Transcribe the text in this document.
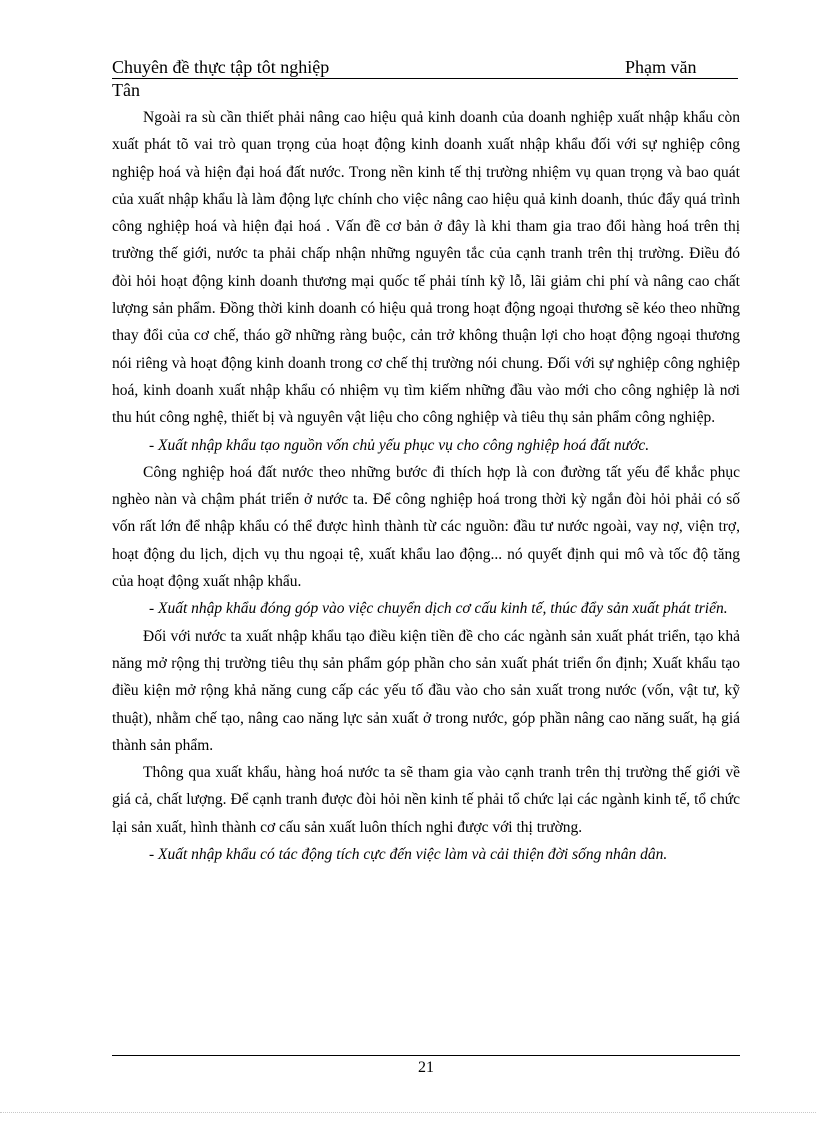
Chuyên đề thực tập tôt nghiệp	Phạm văn
Tân

Ngoài ra sù cần thiết phải nâng cao hiệu quả kinh doanh của doanh nghiệp xuất nhập khẩu còn xuất phát tõ vai trò quan trọng của hoạt động kinh doanh xuất nhập khẩu đối với sự nghiệp công nghiệp hoá và hiện đại hoá đất nước. Trong nền kinh tế thị trường nhiệm vụ quan trọng và bao quát của xuất nhập khẩu là làm động lực chính cho việc nâng cao hiệu quả kinh doanh, thúc đẩy quá trình công nghiệp hoá và hiện đại hoá . Vấn đề cơ bản ở đây là khi tham gia trao đổi hàng hoá trên thị trường thế giới, nước ta phải chấp nhận những nguyên tắc của cạnh tranh trên thị trường. Điều đó đòi hỏi hoạt động kinh doanh thương mại quốc tế phải tính kỹ lỗ, lãi giảm chi phí và nâng cao chất lượng sản phẩm. Đồng thời kinh doanh có hiệu quả trong hoạt động ngoại thương sẽ kéo theo những thay đổi của cơ chế, tháo gỡ những ràng buộc, cản trở không thuận lợi cho hoạt động ngoại thương nói riêng và hoạt động kinh doanh trong cơ chế thị trường nói chung. Đối với sự nghiệp công nghiệp hoá, kinh doanh xuất nhập khẩu có nhiệm vụ tìm kiếm những đầu vào mới cho công nghiệp là nơi thu hút công nghệ, thiết bị và nguyên vật liệu cho công nghiệp và tiêu thụ sản phẩm công nghiệp.

- Xuất nhập khẩu tạo nguồn vốn chủ yếu phục vụ cho công nghiệp hoá đất nước.

Công nghiệp hoá đất nước theo những bước đi thích hợp là con đường tất yếu để khắc phục nghèo nàn và chậm phát triển ở nước ta. Để công nghiệp hoá trong thời kỳ ngắn đòi hỏi phải có số vốn rất lớn để nhập khẩu có thể được hình thành từ các nguồn: đầu tư nước ngoài, vay nợ, viện trợ, hoạt động du lịch, dịch vụ thu ngoại tệ, xuất khẩu lao động... nó quyết định qui mô và tốc độ tăng của hoạt động xuất nhập khẩu.

- Xuất nhập khẩu đóng góp vào việc chuyển dịch cơ cấu kinh tế, thúc đẩy sản xuất phát triển.

Đối với nước ta xuất nhập khẩu tạo điều kiện tiền đề cho các ngành sản xuất phát triển, tạo khả năng mở rộng thị trường tiêu thụ sản phẩm góp phần cho sản xuất phát triển ổn định; Xuất khẩu tạo điều kiện mở rộng khả năng cung cấp các yếu tố đầu vào cho sản xuất trong nước (vốn, vật tư, kỹ thuật), nhằm chế tạo, nâng cao năng lực sản xuất ở trong nước, góp phần nâng cao năng suất, hạ giá thành sản phẩm.

Thông qua xuất khẩu, hàng hoá nước ta sẽ tham gia vào cạnh tranh trên thị trường thế giới về giá cả, chất lượng. Để cạnh tranh được đòi hỏi nền kinh tế phải tổ chức lại các ngành kinh tế, tổ chức lại sản xuất, hình thành cơ cấu sản xuất luôn thích nghi được với thị trường.

- Xuất nhập khẩu có tác động tích cực đến việc làm và cải thiện đời sống nhân dân.

21
